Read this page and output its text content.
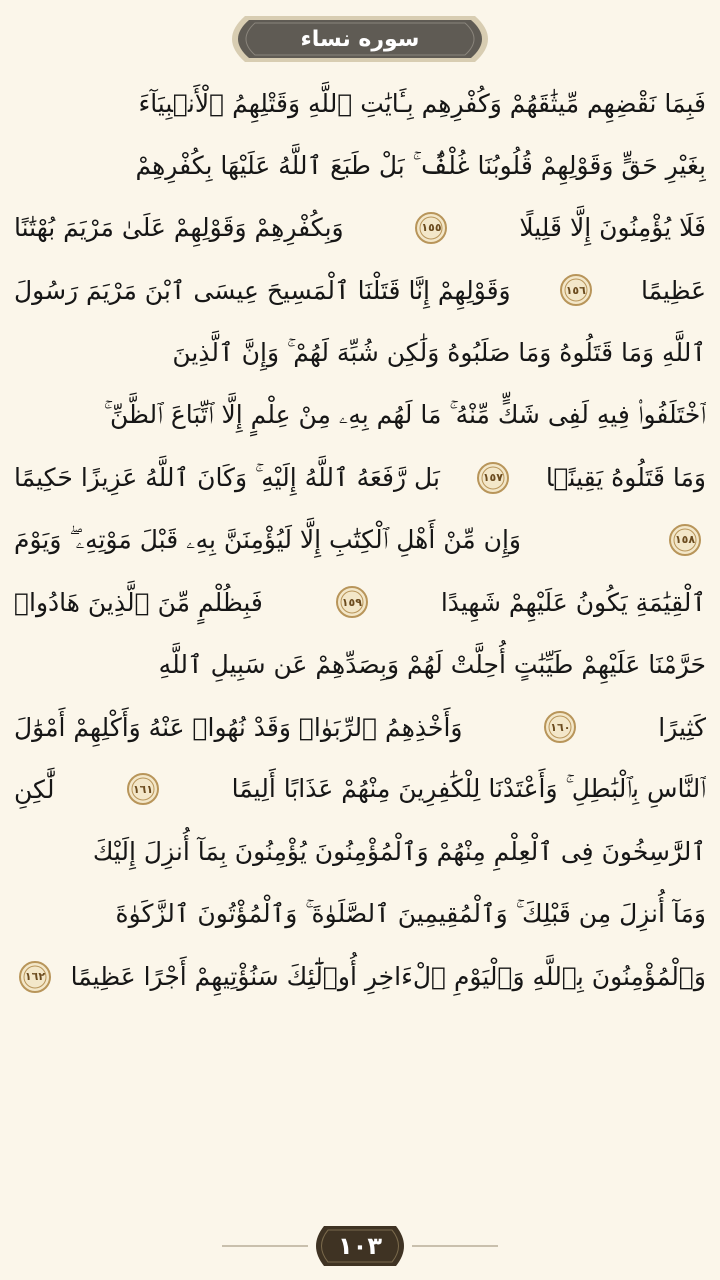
سوره نساء
فَبِمَا نَقْضِهِم مِّيثَٰقَهُمْ وَكُفْرِهِم بِـَٔايَٰتِ ٱللَّهِ وَقَتْلِهِمُ ٱلْأَنۢبِيَآءَ
بِغَيْرِ حَقٍّ وَقَوْلِهِمْ قُلُوبُنَا غُلْفٌۢ ۚ بَلْ طَبَعَ ٱللَّهُ عَلَيْهَا بِكُفْرِهِمْ
فَلَا يُؤْمِنُونَ إِلَّا قَلِيلًا
١٥٥
وَبِكُفْرِهِمْ وَقَوْلِهِمْ عَلَىٰ مَرْيَمَ بُهْتَٰنًا
عَظِيمًا
١٥٦
وَقَوْلِهِمْ إِنَّا قَتَلْنَا ٱلْمَسِيحَ عِيسَى ٱبْنَ مَرْيَمَ رَسُولَ
ٱللَّهِ وَمَا قَتَلُوهُ وَمَا صَلَبُوهُ وَلَٰكِن شُبِّهَ لَهُمْ ۚ وَإِنَّ ٱلَّذِينَ
ٱخْتَلَفُوا۟ فِيهِ لَفِى شَكٍّ مِّنْهُ ۚ مَا لَهُم بِهِۦ مِنْ عِلْمٍ إِلَّا ٱتِّبَاعَ ٱلظَّنِّ ۚ
وَمَا قَتَلُوهُ يَقِينًۢا
١٥٧
بَل رَّفَعَهُ ٱللَّهُ إِلَيْهِ ۚ وَكَانَ ٱللَّهُ عَزِيزًا حَكِيمًا
١٥٨
وَإِن مِّنْ أَهْلِ ٱلْكِتَٰبِ إِلَّا لَيُؤْمِنَنَّ بِهِۦ قَبْلَ مَوْتِهِۦ ۖ وَيَوْمَ
ٱلْقِيَٰمَةِ يَكُونُ عَلَيْهِمْ شَهِيدًا
١٥٩
فَبِظُلْمٍ مِّنَ ٱلَّذِينَ هَادُوا۟
حَرَّمْنَا عَلَيْهِمْ طَيِّبَٰتٍ أُحِلَّتْ لَهُمْ وَبِصَدِّهِمْ عَن سَبِيلِ ٱللَّهِ
كَثِيرًا
١٦٠
وَأَخْذِهِمُ ٱلرِّبَوٰا۟ وَقَدْ نُهُوا۟ عَنْهُ وَأَكْلِهِمْ أَمْوَٰلَ
ٱلنَّاسِ بِٱلْبَٰطِلِ ۚ وَأَعْتَدْنَا لِلْكَٰفِرِينَ مِنْهُمْ عَذَابًا أَلِيمًا
١٦١
لَّٰكِنِ
ٱلرَّٰسِخُونَ فِى ٱلْعِلْمِ مِنْهُمْ وَٱلْمُؤْمِنُونَ يُؤْمِنُونَ بِمَآ أُنزِلَ إِلَيْكَ
وَمَآ أُنزِلَ مِن قَبْلِكَ ۚ وَٱلْمُقِيمِينَ ٱلصَّلَوٰةَ ۚ وَٱلْمُؤْتُونَ ٱلزَّكَوٰةَ
وَٱلْمُؤْمِنُونَ بِٱللَّهِ وَٱلْيَوْمِ ٱلْءَاخِرِ أُو۟لَٰٓئِكَ سَنُؤْتِيهِمْ أَجْرًا عَظِيمًا
١٦٢
١٠٣
